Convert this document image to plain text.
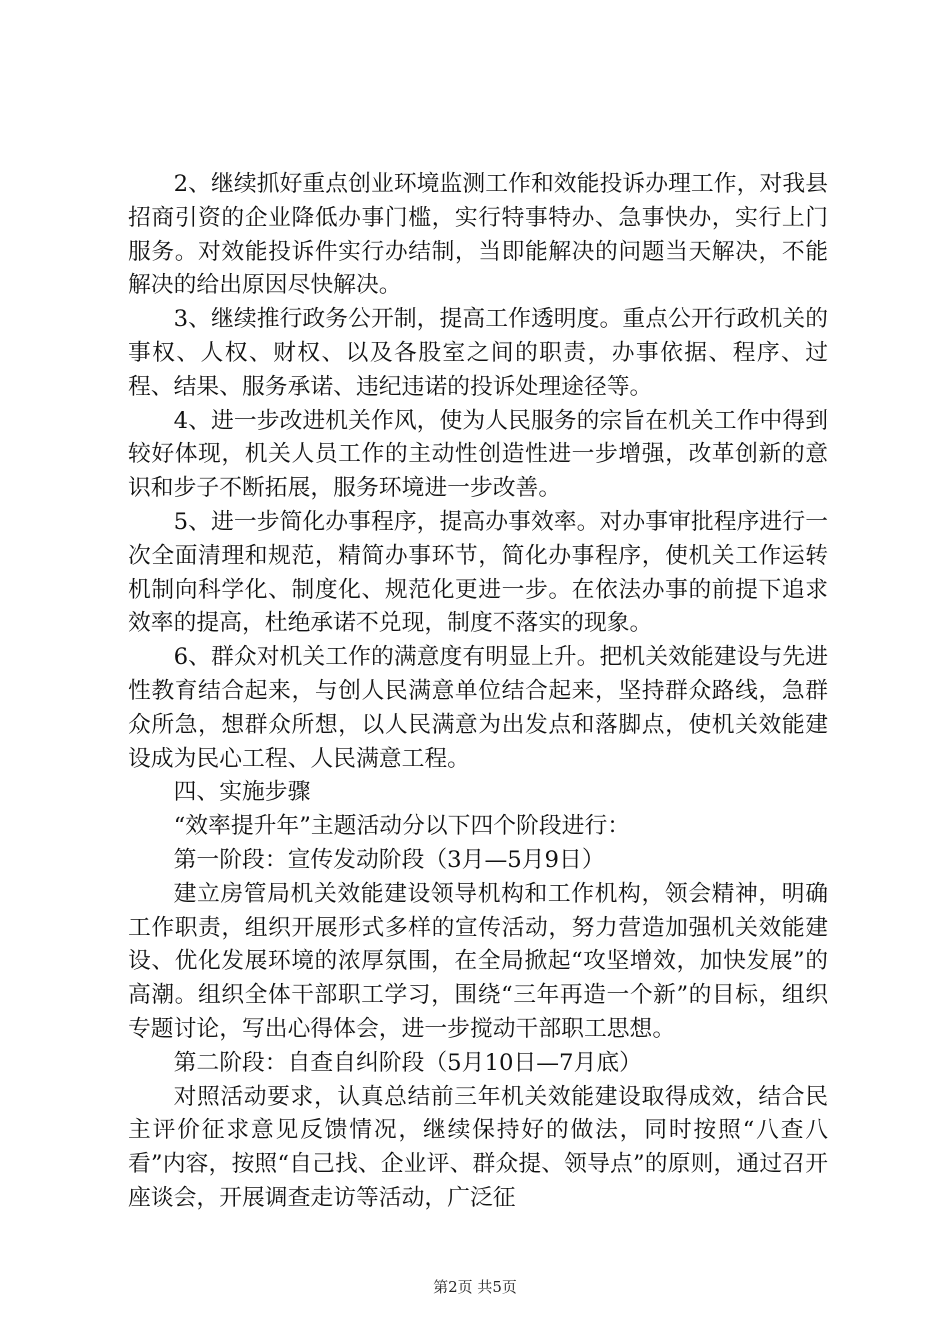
2、继续抓好重点创业环境监测工作和效能投诉办理工作，对我县招商引资的企业降低办事门槛，实行特事特办、急事快办，实行上门服务。对效能投诉件实行办结制，当即能解决的问题当天解决，不能解决的给出原因尽快解决。

3、继续推行政务公开制，提高工作透明度。重点公开行政机关的事权、人权、财权、以及各股室之间的职责，办事依据、程序、过程、结果、服务承诺、违纪违诺的投诉处理途径等。

4、进一步改进机关作风，使为人民服务的宗旨在机关工作中得到较好体现，机关人员工作的主动性创造性进一步增强，改革创新的意识和步子不断拓展，服务环境进一步改善。

5、进一步简化办事程序，提高办事效率。对办事审批程序进行一次全面清理和规范，精简办事环节，简化办事程序，使机关工作运转机制向科学化、制度化、规范化更进一步。在依法办事的前提下追求效率的提高，杜绝承诺不兑现，制度不落实的现象。

6、群众对机关工作的满意度有明显上升。把机关效能建设与先进性教育结合起来，与创人民满意单位结合起来，坚持群众路线，急群众所急，想群众所想，以人民满意为出发点和落脚点，使机关效能建设成为民心工程、人民满意工程。

四、实施步骤

“效率提升年”主题活动分以下四个阶段进行：

第一阶段：宣传发动阶段（3月—5月9日）

建立房管局机关效能建设领导机构和工作机构，领会精神，明确工作职责，组织开展形式多样的宣传活动，努力营造加强机关效能建设、优化发展环境的浓厚氛围，在全局掀起“攻坚增效，加快发展”的高潮。组织全体干部职工学习，围绕“三年再造一个新”的目标，组织专题讨论，写出心得体会，进一步搅动干部职工思想。

第二阶段：自查自纠阶段（5月10日—7月底）

对照活动要求，认真总结前三年机关效能建设取得成效，结合民主评价征求意见反馈情况，继续保持好的做法，同时按照“八查八看”内容，按照“自己找、企业评、群众提、领导点”的原则，通过召开座谈会，开展调查走访等活动，广泛征

第2页 共5页
